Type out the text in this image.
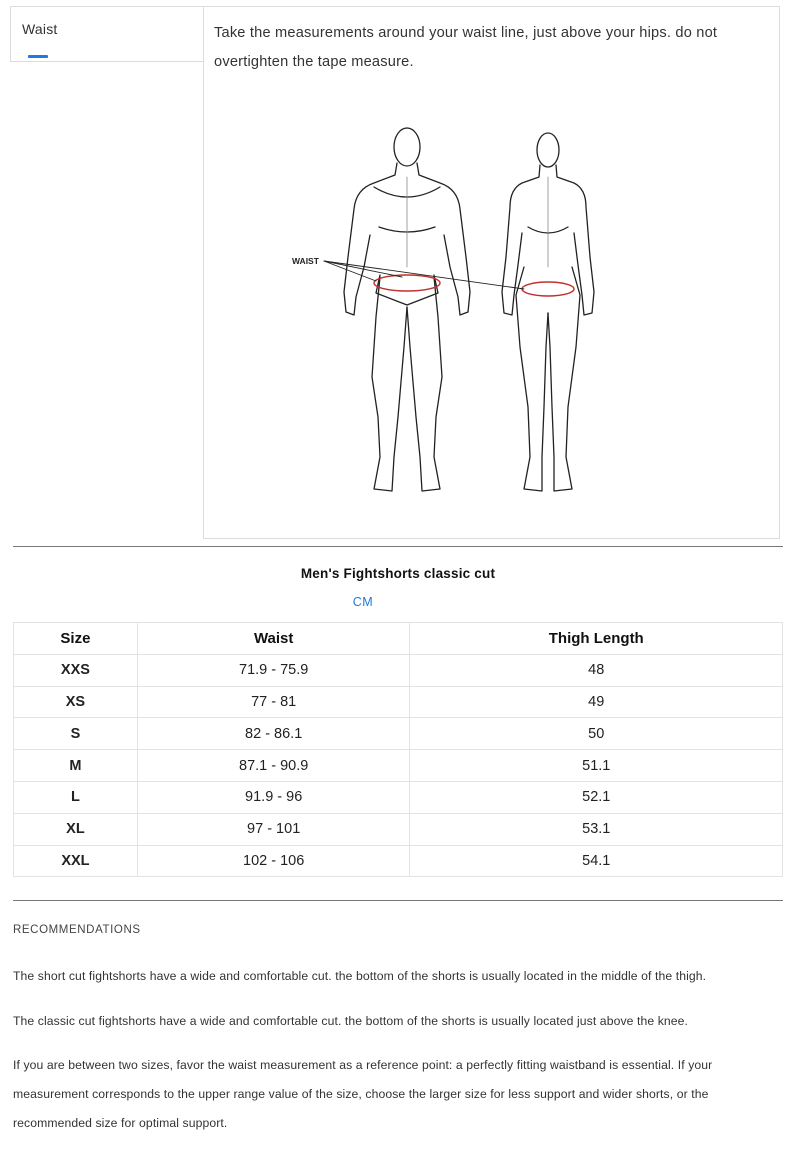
Waist	Take the measurements around your waist line, just above your hips. do not overtighten the tape measure.
WAIST
Men's Fightshorts classic cut
CM
Size	Waist	Thigh Length
XXS	71.9 - 75.9	48
XS	77 - 81	49
S	82 - 86.1	50
M	87.1 - 90.9	51.1
L	91.9 - 96	52.1
XL	97 - 101	53.1
XXL	102 - 106	54.1
RECOMMENDATIONS
The short cut fightshorts have a wide and comfortable cut. the bottom of the shorts is usually located in the middle of the thigh.
The classic cut fightshorts have a wide and comfortable cut. the bottom of the shorts is usually located just above the knee.
If you are between two sizes, favor the waist measurement as a reference point: a perfectly fitting waistband is essential. If your measurement corresponds to the upper range value of the size, choose the larger size for less support and wider shorts, or the recommended size for optimal support.
